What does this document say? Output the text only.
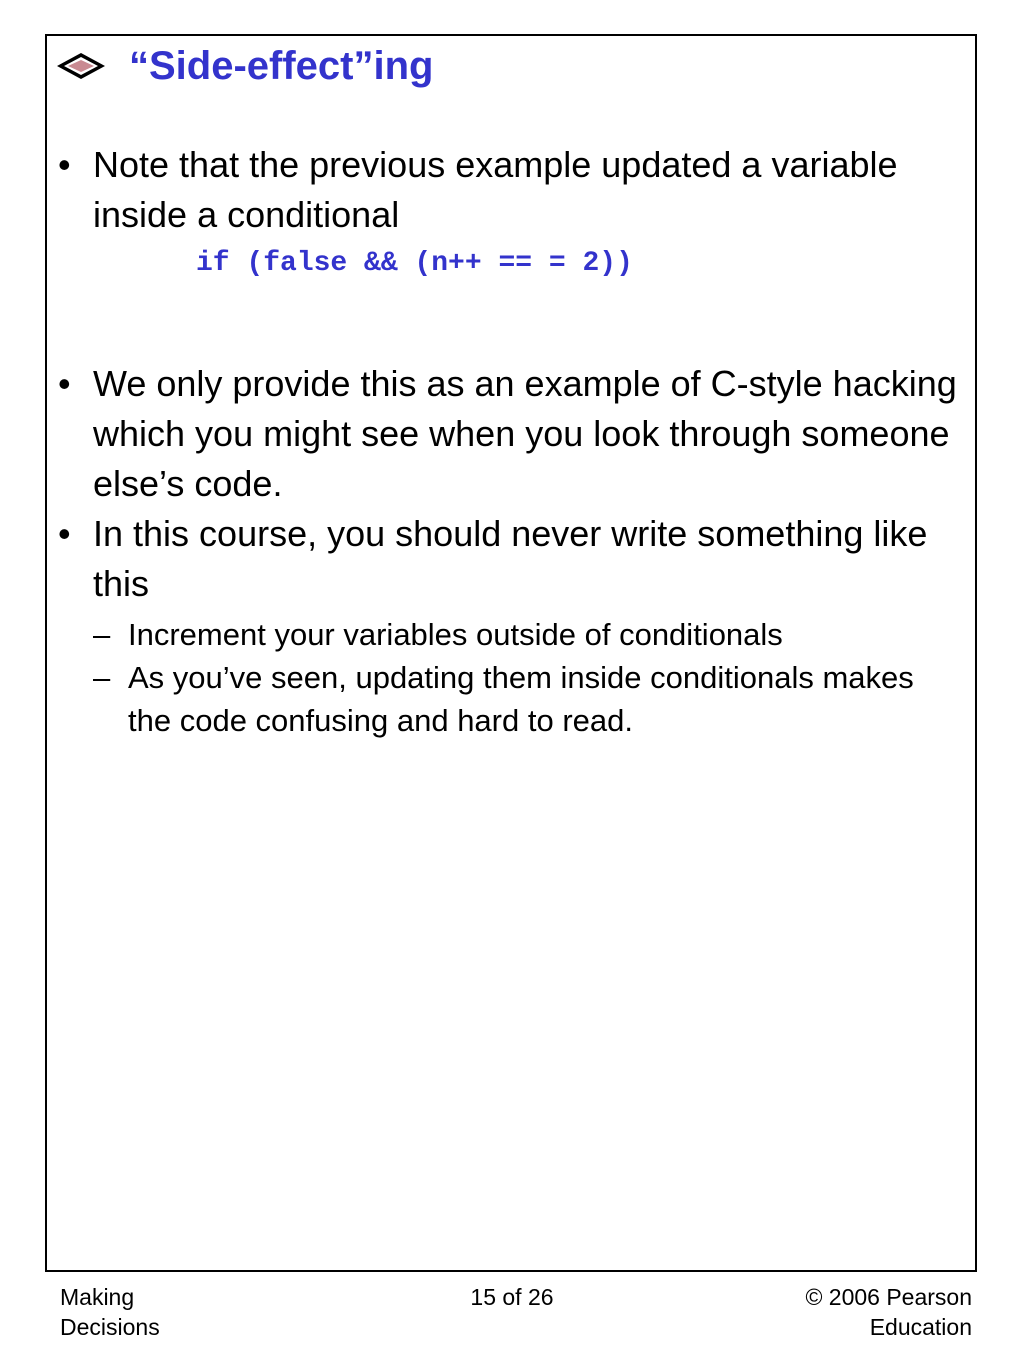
“Side-effect”ing
• Note that the previous example updated a variable inside a conditional
if (false && (n++ == = 2))
• We only provide this as an example of C-style hacking which you might see when you look through someone else’s code.
• In this course, you should never write something like this
– Increment your variables outside of conditionals
– As you’ve seen, updating them inside conditionals makes the code confusing and hard to read.
Making
Decisions
15 of 26	© 2006 Pearson
Education
